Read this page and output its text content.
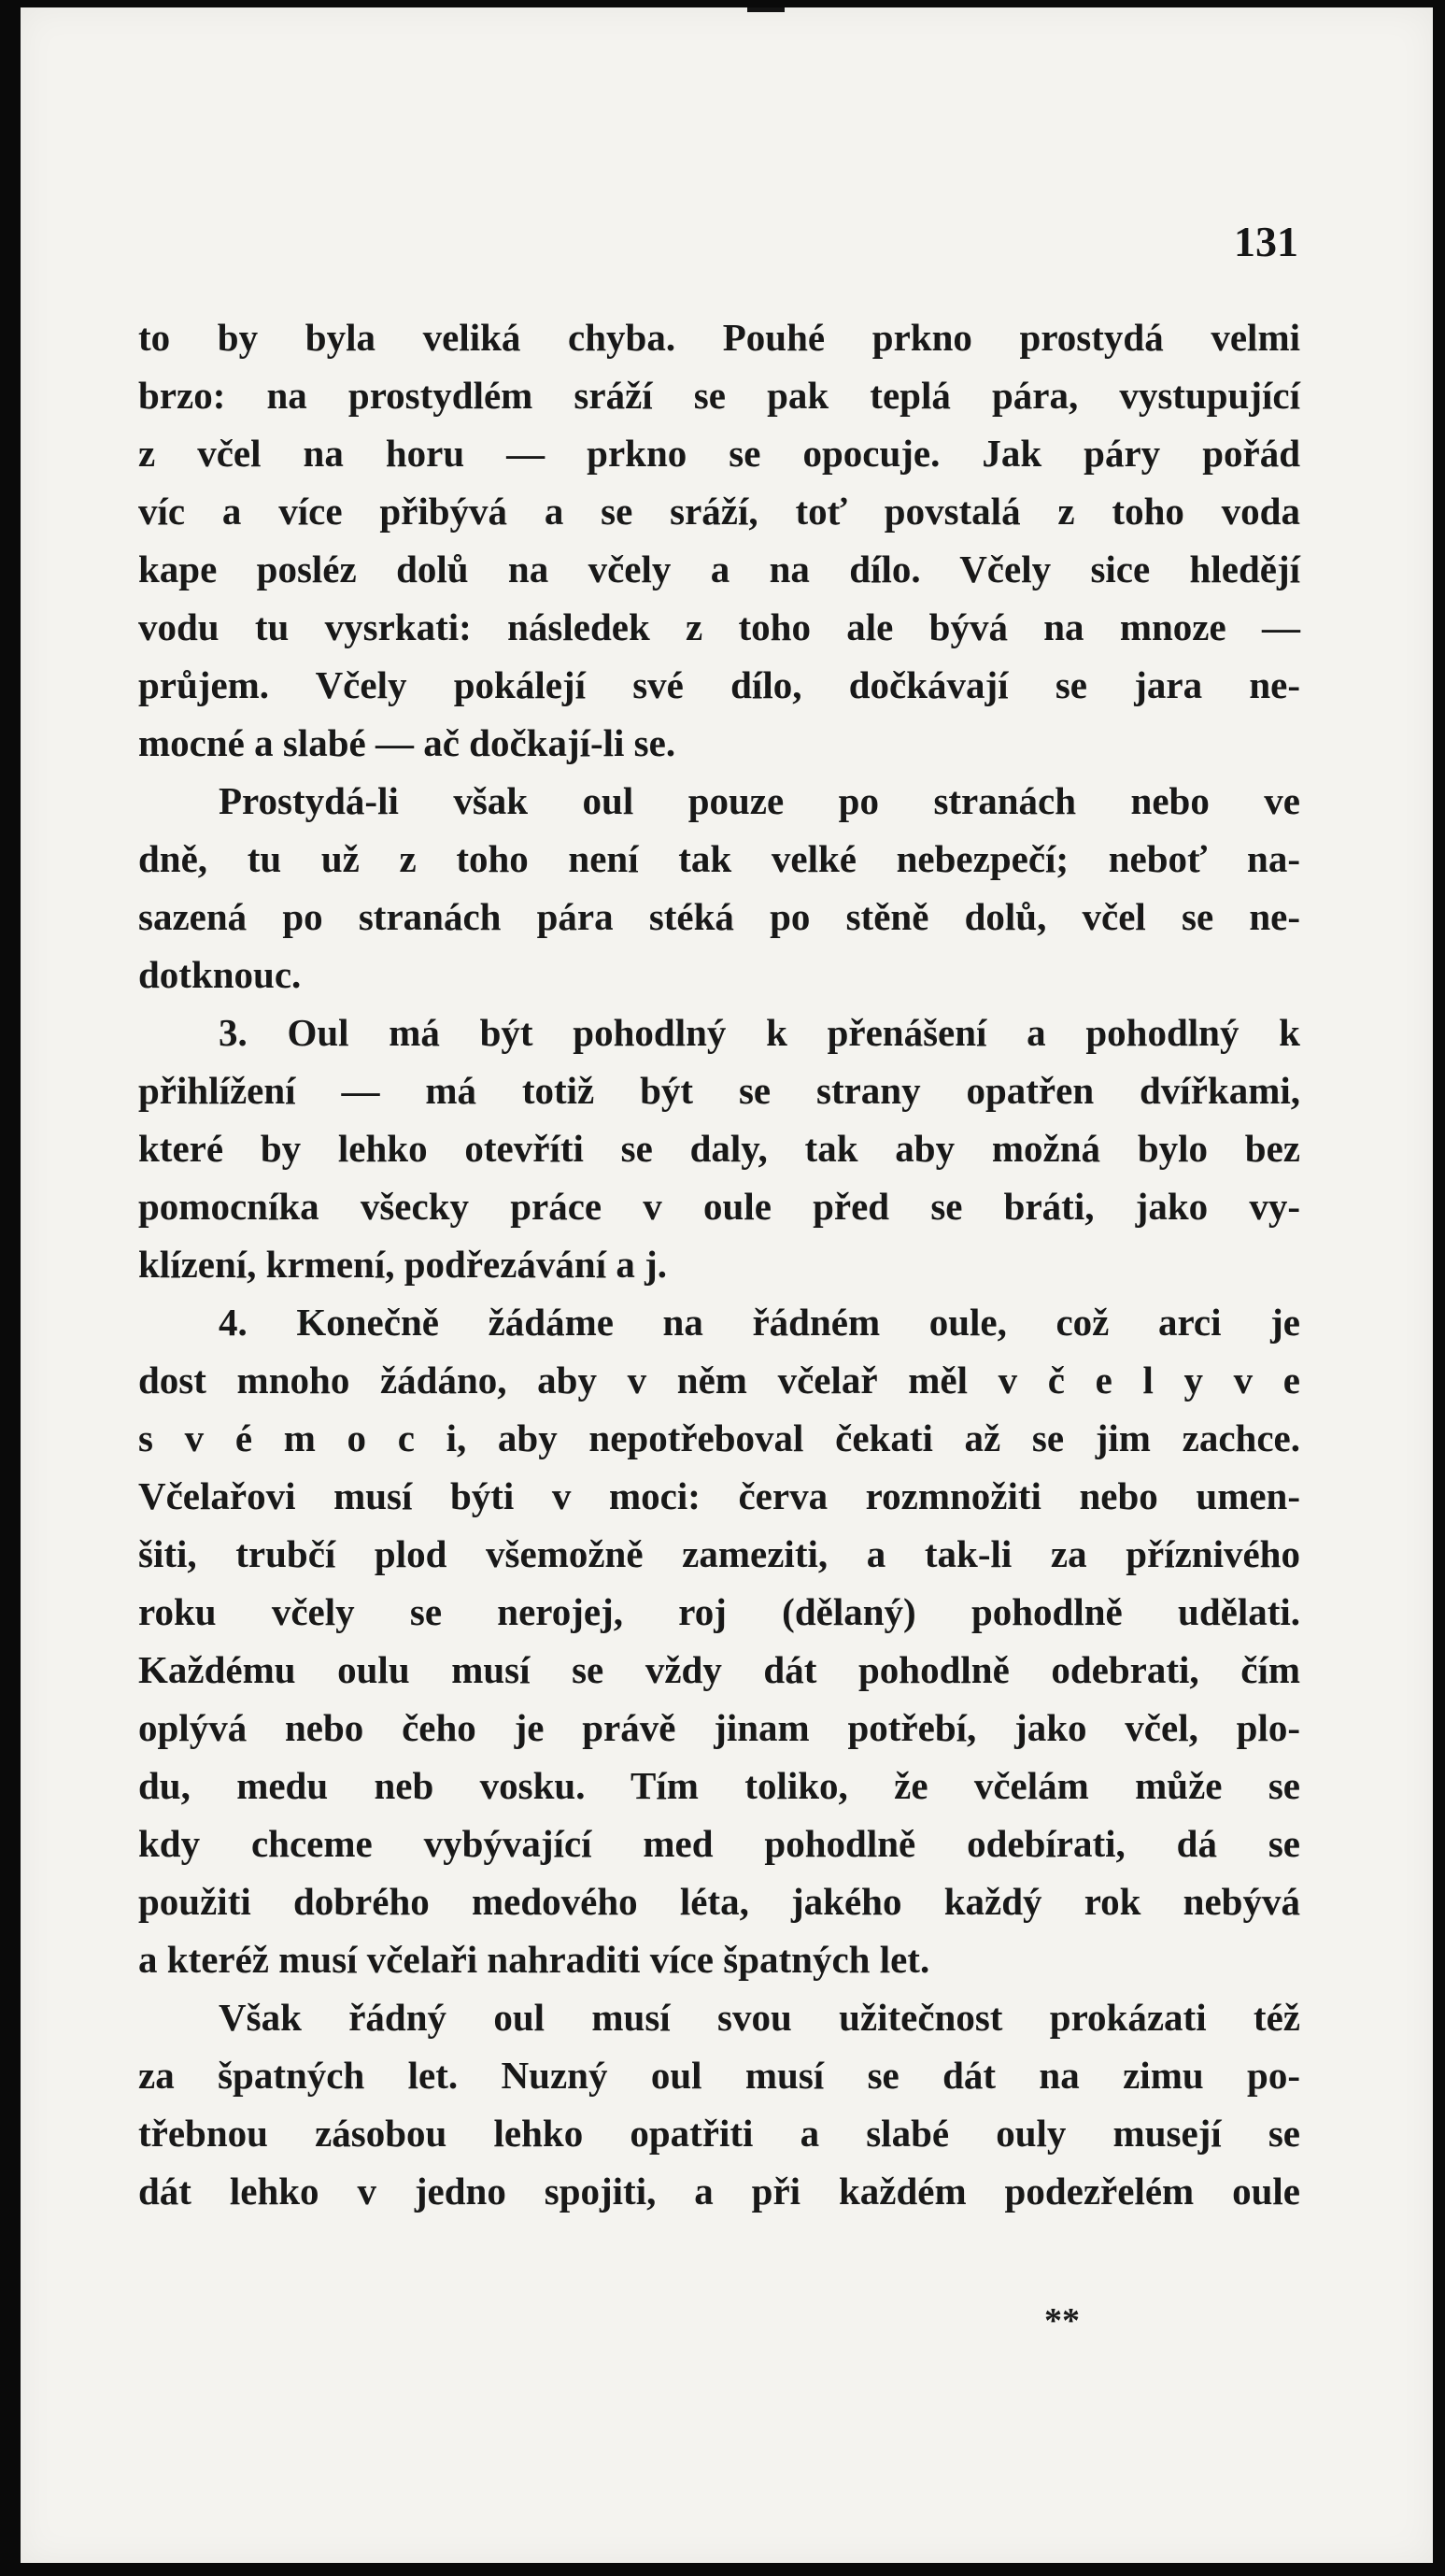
131

to by byla veliká chyba. Pouhé prkno prostydá velmi
brzo: na prostydlém sráží se pak teplá pára, vystupující
z včel na horu — prkno se opocuje. Jak páry pořád
víc a více přibývá a se sráží, toť povstalá z toho voda
kape posléz dolů na včely a na dílo. Včely sice hledějí
vodu tu vysrkati: následek z toho ale bývá na mnoze —
průjem. Včely pokálejí své dílo, dočkávají se jara ne-
mocné a slabé — ač dočkají-li se.

Prostydá-li však oul pouze po stranách nebo ve
dně, tu už z toho není tak velké nebezpečí; neboť na-
sazená po stranách pára stéká po stěně dolů, včel se ne-
dotknouc.

3. Oul má být pohodlný k přenášení a pohodlný k
přihlížení — má totiž být se strany opatřen dvířkami,
které by lehko otevříti se daly, tak aby možná bylo bez
pomocníka všecky práce v oule před se bráti, jako vy-
klízení, krmení, podřezávání a j.

4. Konečně žádáme na řádném oule, což arci je
dost mnoho žádáno, aby v něm včelař měl v č e l y v e
s v é m o c i, aby nepotřeboval čekati až se jim zachce.
Včelařovi musí býti v moci: červa rozmnožiti nebo umen-
šiti, trubčí plod všemožně zameziti, a tak-li za příznivého
roku včely se nerojej, roj (dělaný) pohodlně udělati.
Každému oulu musí se vždy dát pohodlně odebrati, čím
oplývá nebo čeho je právě jinam potřebí, jako včel, plo-
du, medu neb vosku. Tím toliko, že včelám může se
kdy chceme vybývající med pohodlně odebírati, dá se
použiti dobrého medového léta, jakého každý rok nebývá
a kteréž musí včelaři nahraditi více špatných let.

Však řádný oul musí svou užitečnost prokázati též
za špatných let. Nuzný oul musí se dát na zimu po-
třebnou zásobou lehko opatřiti a slabé ouly musejí se
dát lehko v jedno spojiti, a při každém podezřelém oule

**
